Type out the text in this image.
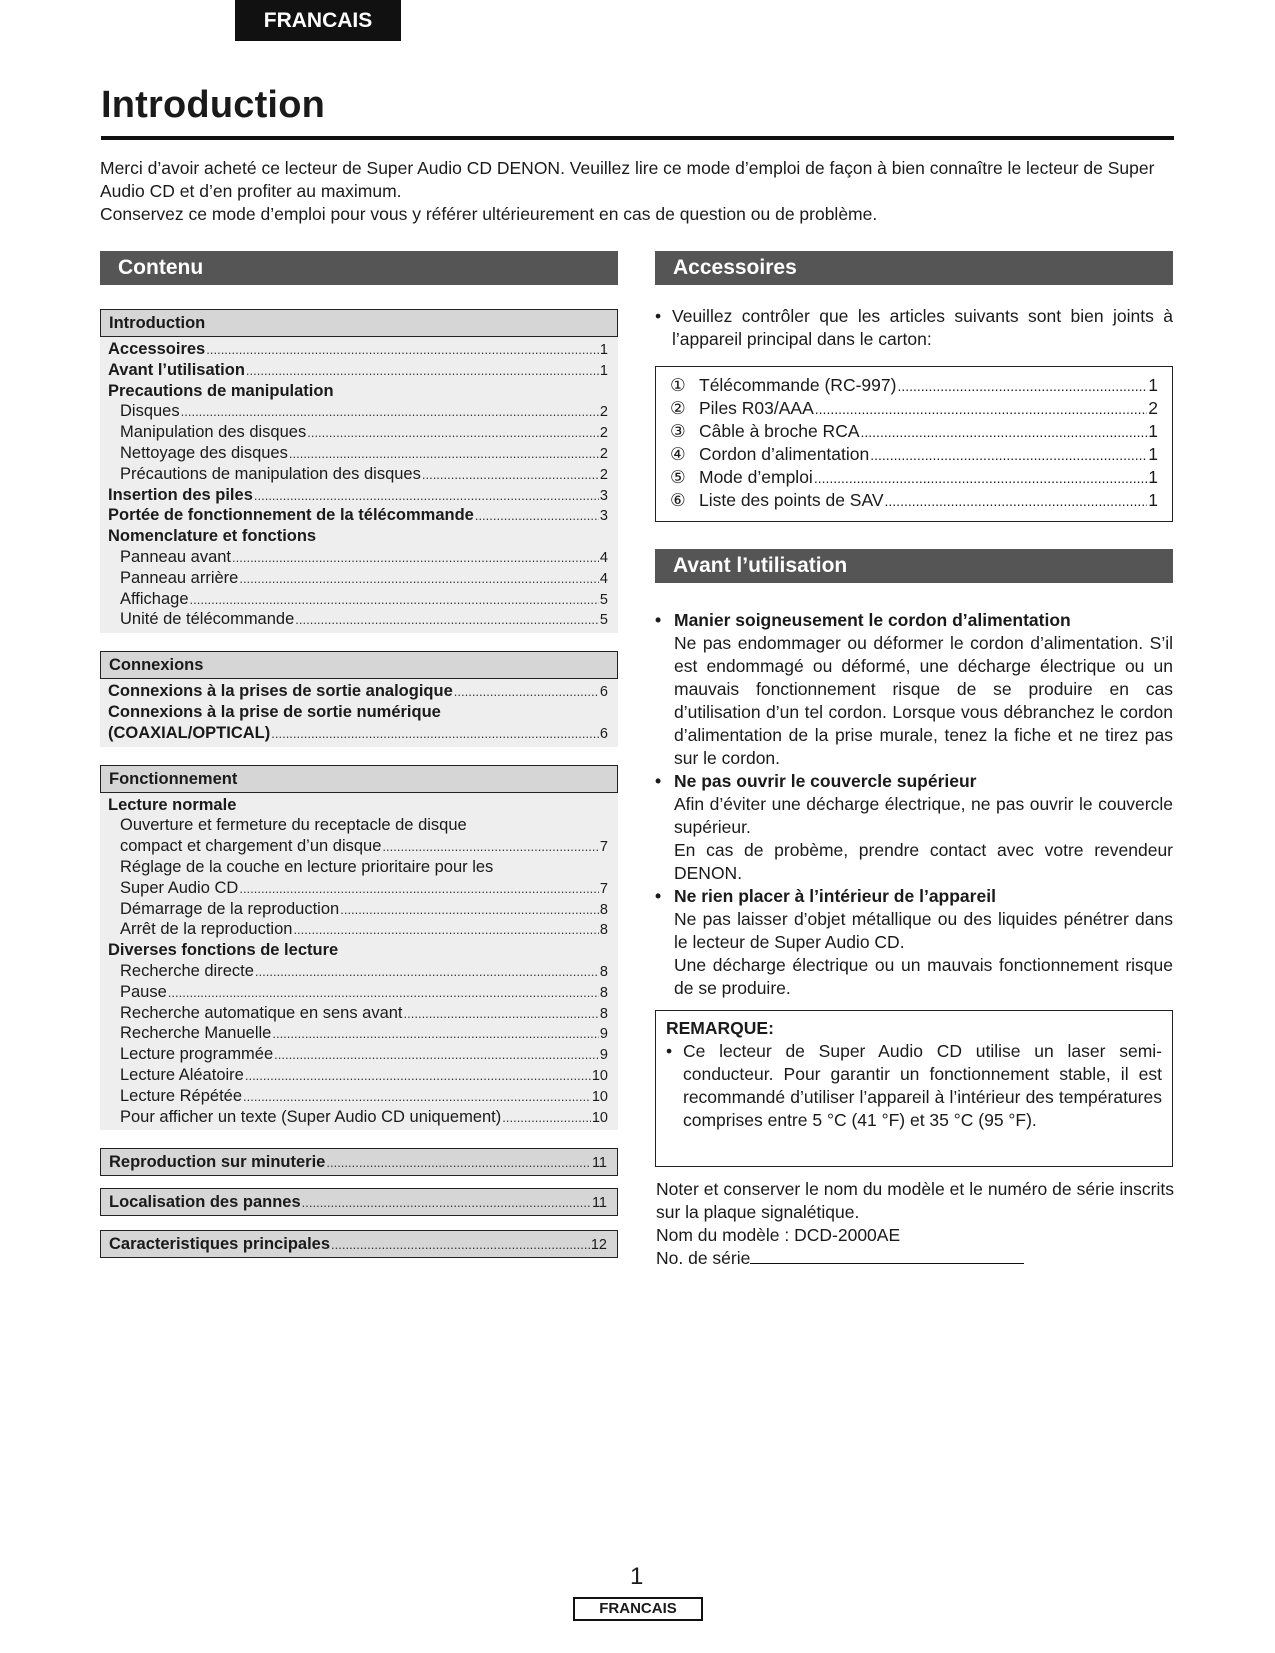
FRANCAIS
Introduction

Merci d’avoir acheté ce lecteur de Super Audio CD DENON. Veuillez lire ce mode d’emploi de façon à bien connaître le lecteur de Super Audio CD et d’en profiter au maximum.

Conservez ce mode d’emploi pour vous y référer ultérieurement en cas de question ou de problème.

Contenu
Introduction
Accessoires .....	1
Avant l’utilisation .....	1
Precautions de manipulation
Disques .....	2
Manipulation des disques .....	2
Nettoyage des disques .....	2
Précautions de manipulation des disques .....	2
Insertion des piles .....	3
Portée de fonctionnement de la télécommande .....	3
Nomenclature et fonctions
Panneau avant .....	4
Panneau arrière .....	4
Affichage .....	5
Unité de télécommande .....	5
Connexions
Connexions à la prises de sortie analogique .....	6
Connexions à la prise de sortie numérique
(COAXIAL/OPTICAL) .....	6
Fonctionnement
Lecture normale
Ouverture et fermeture du receptacle de disque
compact et chargement d’un disque .....	7
Réglage de la couche en lecture prioritaire pour les
Super Audio CD .....	7
Démarrage de la reproduction .....	8
Arrêt de la reproduction .....	8
Diverses fonctions de lecture
Recherche directe .....	8
Pause .....	8
Recherche automatique en sens avant .....	8
Recherche Manuelle .....	9
Lecture programmée .....	9
Lecture Aléatoire .....	10
Lecture Répétée .....	10
Pour afficher un texte (Super Audio CD uniquement) .....	10
Reproduction sur minuterie .....	11
Localisation des pannes .....	11
Caracteristiques principales .....	12
Accessoires
• Veuillez contrôler que les articles suivants sont bien joints à l’appareil principal dans le carton:
① Télécommande (RC-997) .....	1
② Piles R03/AAA .....	2
③ Câble à broche RCA .....	1
④ Cordon d’alimentation .....	1
⑤ Mode d’emploi .....	1
⑥ Liste des points de SAV .....	1
Avant l’utilisation
• Manier soigneusement le cordon d’alimentation

Ne pas endommager ou déformer le cordon d’alimentation. S’il est endommagé ou déformé, une décharge électrique ou un mauvais fonctionnement risque de se produire en cas d’utilisation d’un tel cordon. Lorsque vous débranchez le cordon d’alimentation de la prise murale, tenez la fiche et ne tirez pas sur le cordon.

• Ne pas ouvrir le couvercle supérieur

Afin d’éviter une décharge électrique, ne pas ouvrir le couvercle supérieur.

En cas de probème, prendre contact avec votre revendeur DENON.

• Ne rien placer à l’intérieur de l’appareil

Ne pas laisser d’objet métallique ou des liquides pénétrer dans le lecteur de Super Audio CD.

Une décharge électrique ou un mauvais fonctionnement risque de se produire.

REMARQUE:
• Ce lecteur de Super Audio CD utilise un laser semi-conducteur. Pour garantir un fonctionnement stable, il est recommandé d’utiliser l’appareil à l’intérieur des températures comprises entre 5 °C (41 °F) et 35 °C (95 °F).

Noter et conserver le nom du modèle et le numéro de série inscrits sur la plaque signalétique.

Nom du modèle : DCD-2000AE

No. de série

1
FRANCAIS
